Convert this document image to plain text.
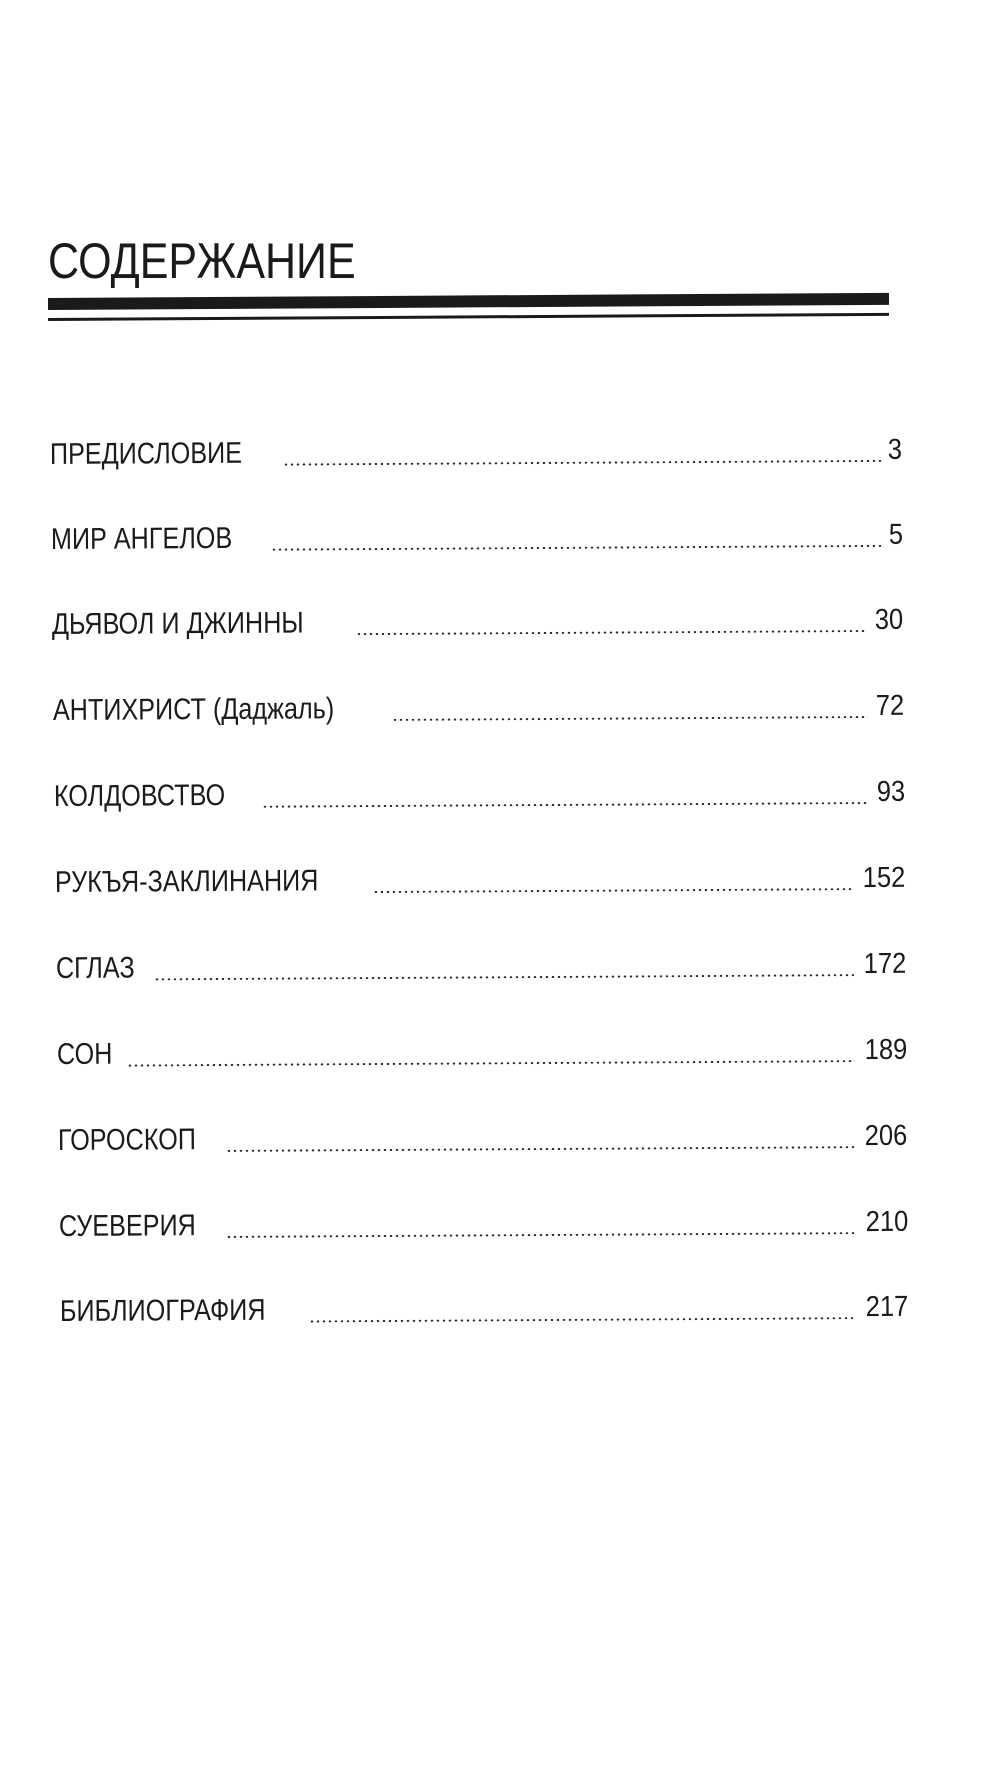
СОДЕРЖАНИЕ
ПРЕДИСЛОВИЕ	3
МИР АНГЕЛОВ	5
ДЬЯВОЛ И ДЖИННЫ	30
АНТИХРИСТ (Даджаль)	72
КОЛДОВСТВО	93
РУКЪЯ-ЗАКЛИНАНИЯ	152
СГЛАЗ	172
СОН	189
ГОРОСКОП	206
СУЕВЕРИЯ	210
БИБЛИОГРАФИЯ	217
